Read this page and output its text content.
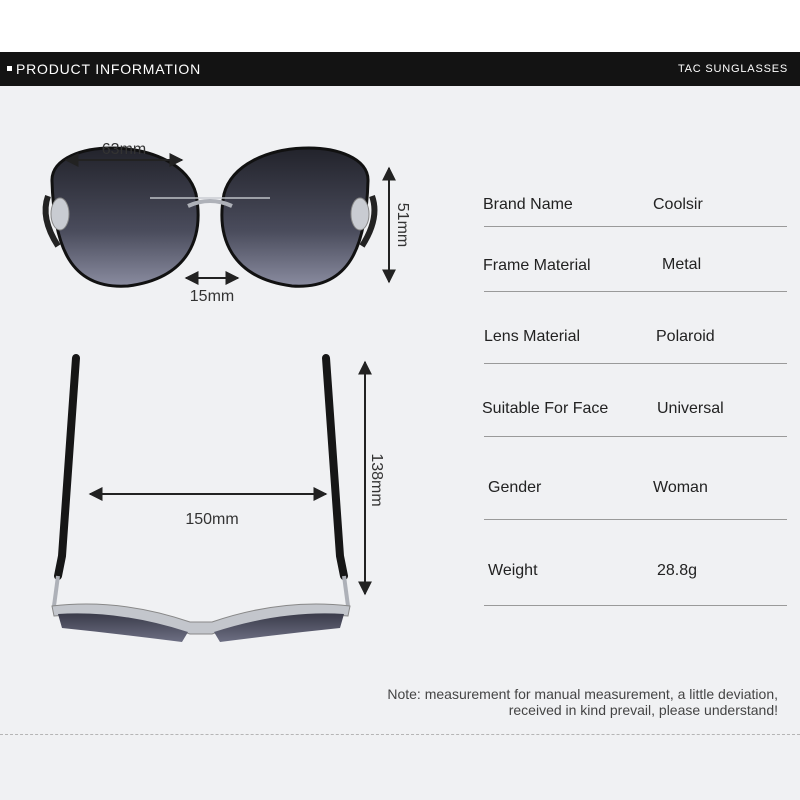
PRODUCT INFORMATION	TAC SUNGLASSES
63mm
51mm
15mm
138mm
150mm
Brand Name	Coolsir
Frame Material	Metal
Lens Material	Polaroid
Suitable For Face	Universal
Gender	Woman
Weight	28.8g
Note: measurement for manual measurement, a little deviation,
received in kind prevail, please understand!
